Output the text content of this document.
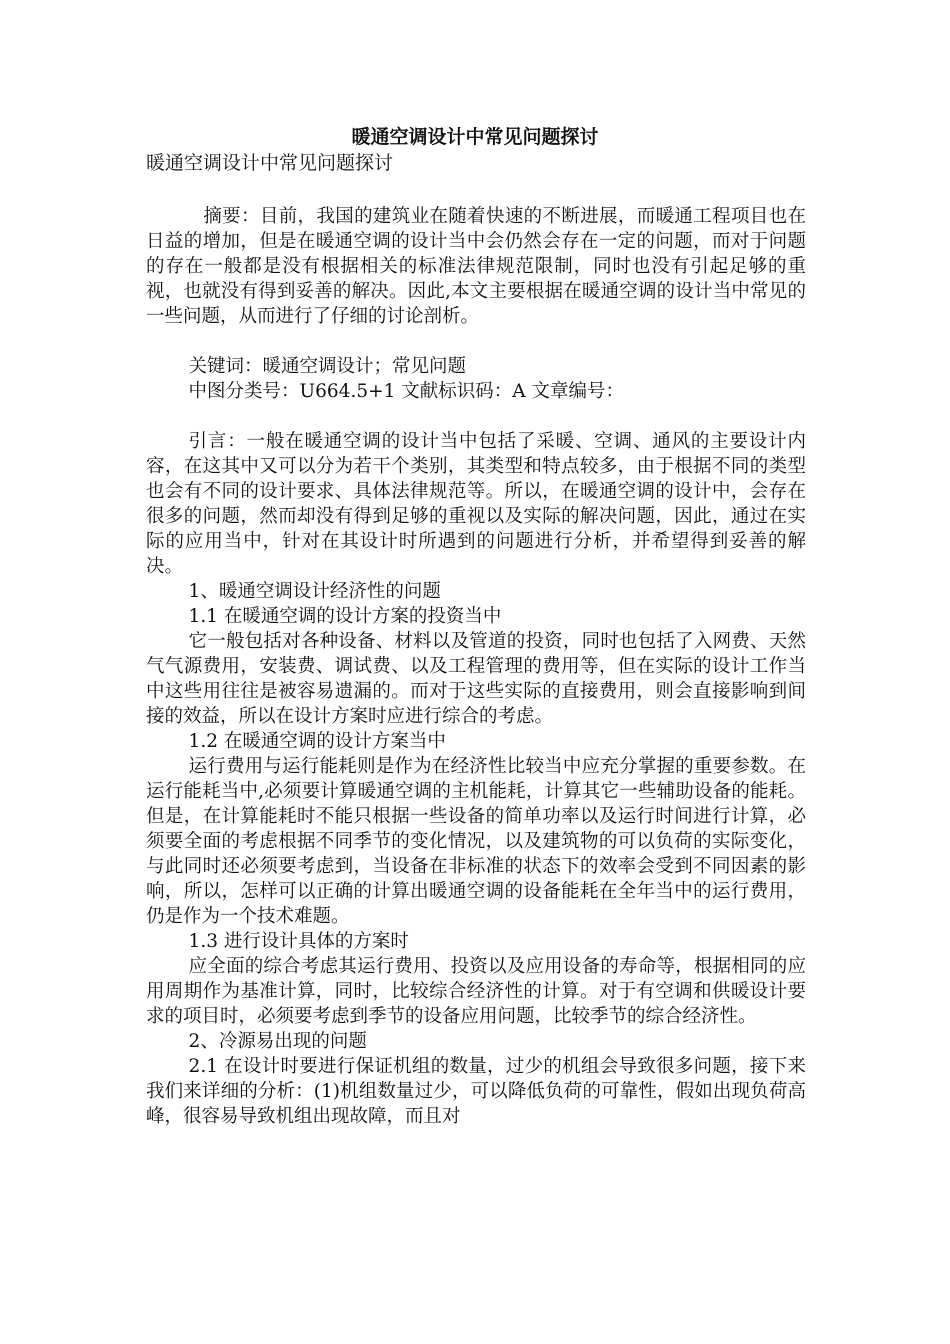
暖通空调设计中常见问题探讨

暖通空调设计中常见问题探讨

摘要：目前，我国的建筑业在随着快速的不断进展，而暖通工程项目也在日益的增加，但是在暖通空调的设计当中会仍然会存在一定的问题，而对于问题的存在一般都是没有根据相关的标准法律规范限制，同时也没有引起足够的重视，也就没有得到妥善的解决。因此,本文主要根据在暖通空调的设计当中常见的一些问题，从而进行了仔细的讨论剖析。

关键词：暖通空调设计；常见问题

中图分类号：U664.5+1 文献标识码：A 文章编号：

引言：一般在暖通空调的设计当中包括了采暖、空调、通风的主要设计内容，在这其中又可以分为若干个类别，其类型和特点较多，由于根据不同的类型也会有不同的设计要求、具体法律规范等。所以，在暖通空调的设计中，会存在很多的问题，然而却没有得到足够的重视以及实际的解决问题，因此，通过在实际的应用当中，针对在其设计时所遇到的问题进行分析，并希望得到妥善的解决。

1、暖通空调设计经济性的问题

1.1 在暖通空调的设计方案的投资当中

它一般包括对各种设备、材料以及管道的投资，同时也包括了入网费、天然气气源费用，安装费、调试费、以及工程管理的费用等，但在实际的设计工作当中这些用往往是被容易遗漏的。而对于这些实际的直接费用，则会直接影响到间接的效益，所以在设计方案时应进行综合的考虑。

1.2 在暖通空调的设计方案当中

运行费用与运行能耗则是作为在经济性比较当中应充分掌握的重要参数。在运行能耗当中,必须要计算暖通空调的主机能耗，计算其它一些辅助设备的能耗。但是，在计算能耗时不能只根据一些设备的简单功率以及运行时间进行计算，必须要全面的考虑根据不同季节的变化情况，以及建筑物的可以负荷的实际变化，与此同时还必须要考虑到，当设备在非标准的状态下的效率会受到不同因素的影响，所以，怎样可以正确的计算出暖通空调的设备能耗在全年当中的运行费用，仍是作为一个技术难题。

1.3 进行设计具体的方案时

应全面的综合考虑其运行费用、投资以及应用设备的寿命等，根据相同的应用周期作为基准计算，同时，比较综合经济性的计算。对于有空调和供暖设计要求的项目时，必须要考虑到季节的设备应用问题，比较季节的综合经济性。

2、冷源易出现的问题

2.1 在设计时要进行保证机组的数量，过少的机组会导致很多问题，接下来我们来详细的分析：(1)机组数量过少，可以降低负荷的可靠性，假如出现负荷高峰，很容易导致机组出现故障，而且对
